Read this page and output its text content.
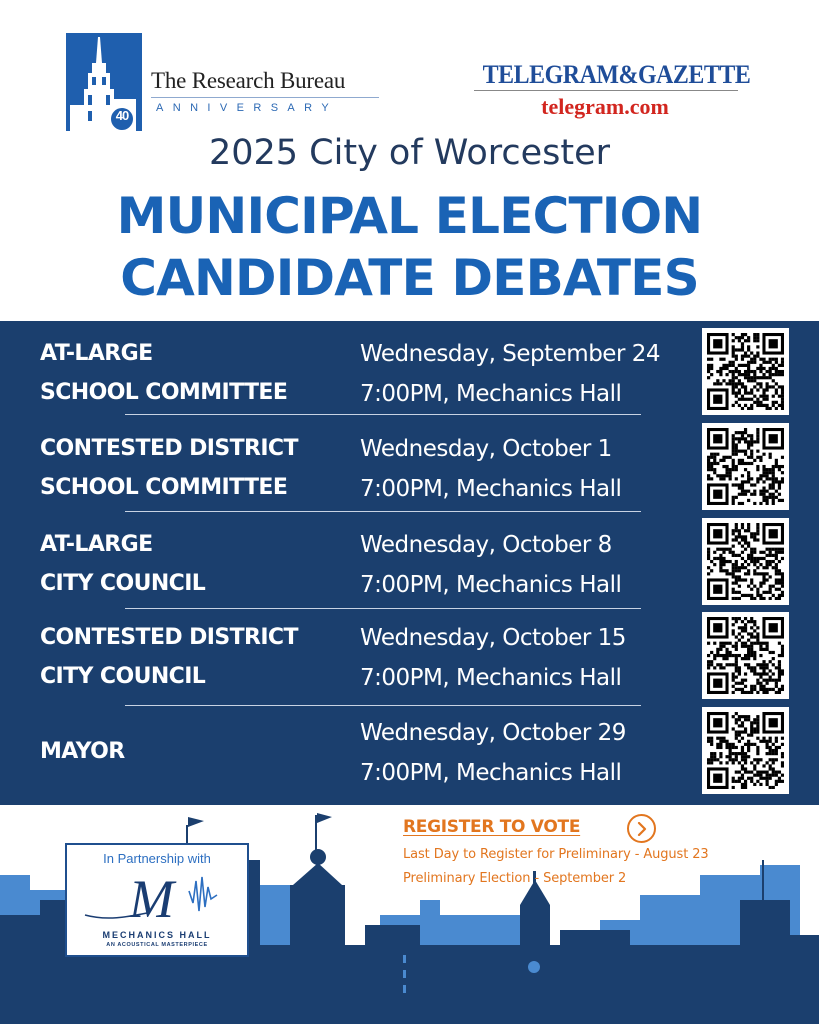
40
The Research Bureau
ANNIVERSARY
TELEGRAM&GAZETTE
telegram.com
2025 City of Worcester
MUNICIPAL ELECTION
CANDIDATE DEBATES
AT-LARGE
SCHOOL COMMITTEE
Wednesday, September 24
7:00PM, Mechanics Hall
CONTESTED DISTRICT
SCHOOL COMMITTEE
Wednesday, October 1
7:00PM, Mechanics Hall
AT-LARGE
CITY COUNCIL
Wednesday, October 8
7:00PM, Mechanics Hall
CONTESTED DISTRICT
CITY COUNCIL
Wednesday, October 15
7:00PM, Mechanics Hall
MAYOR
Wednesday, October 29
7:00PM, Mechanics Hall
In Partnership with
M
MECHANICS HALL
AN ACOUSTICAL MASTERPIECE
REGISTER TO VOTE
Last Day to Register for Preliminary - August 23
Preliminary Election - September 2
